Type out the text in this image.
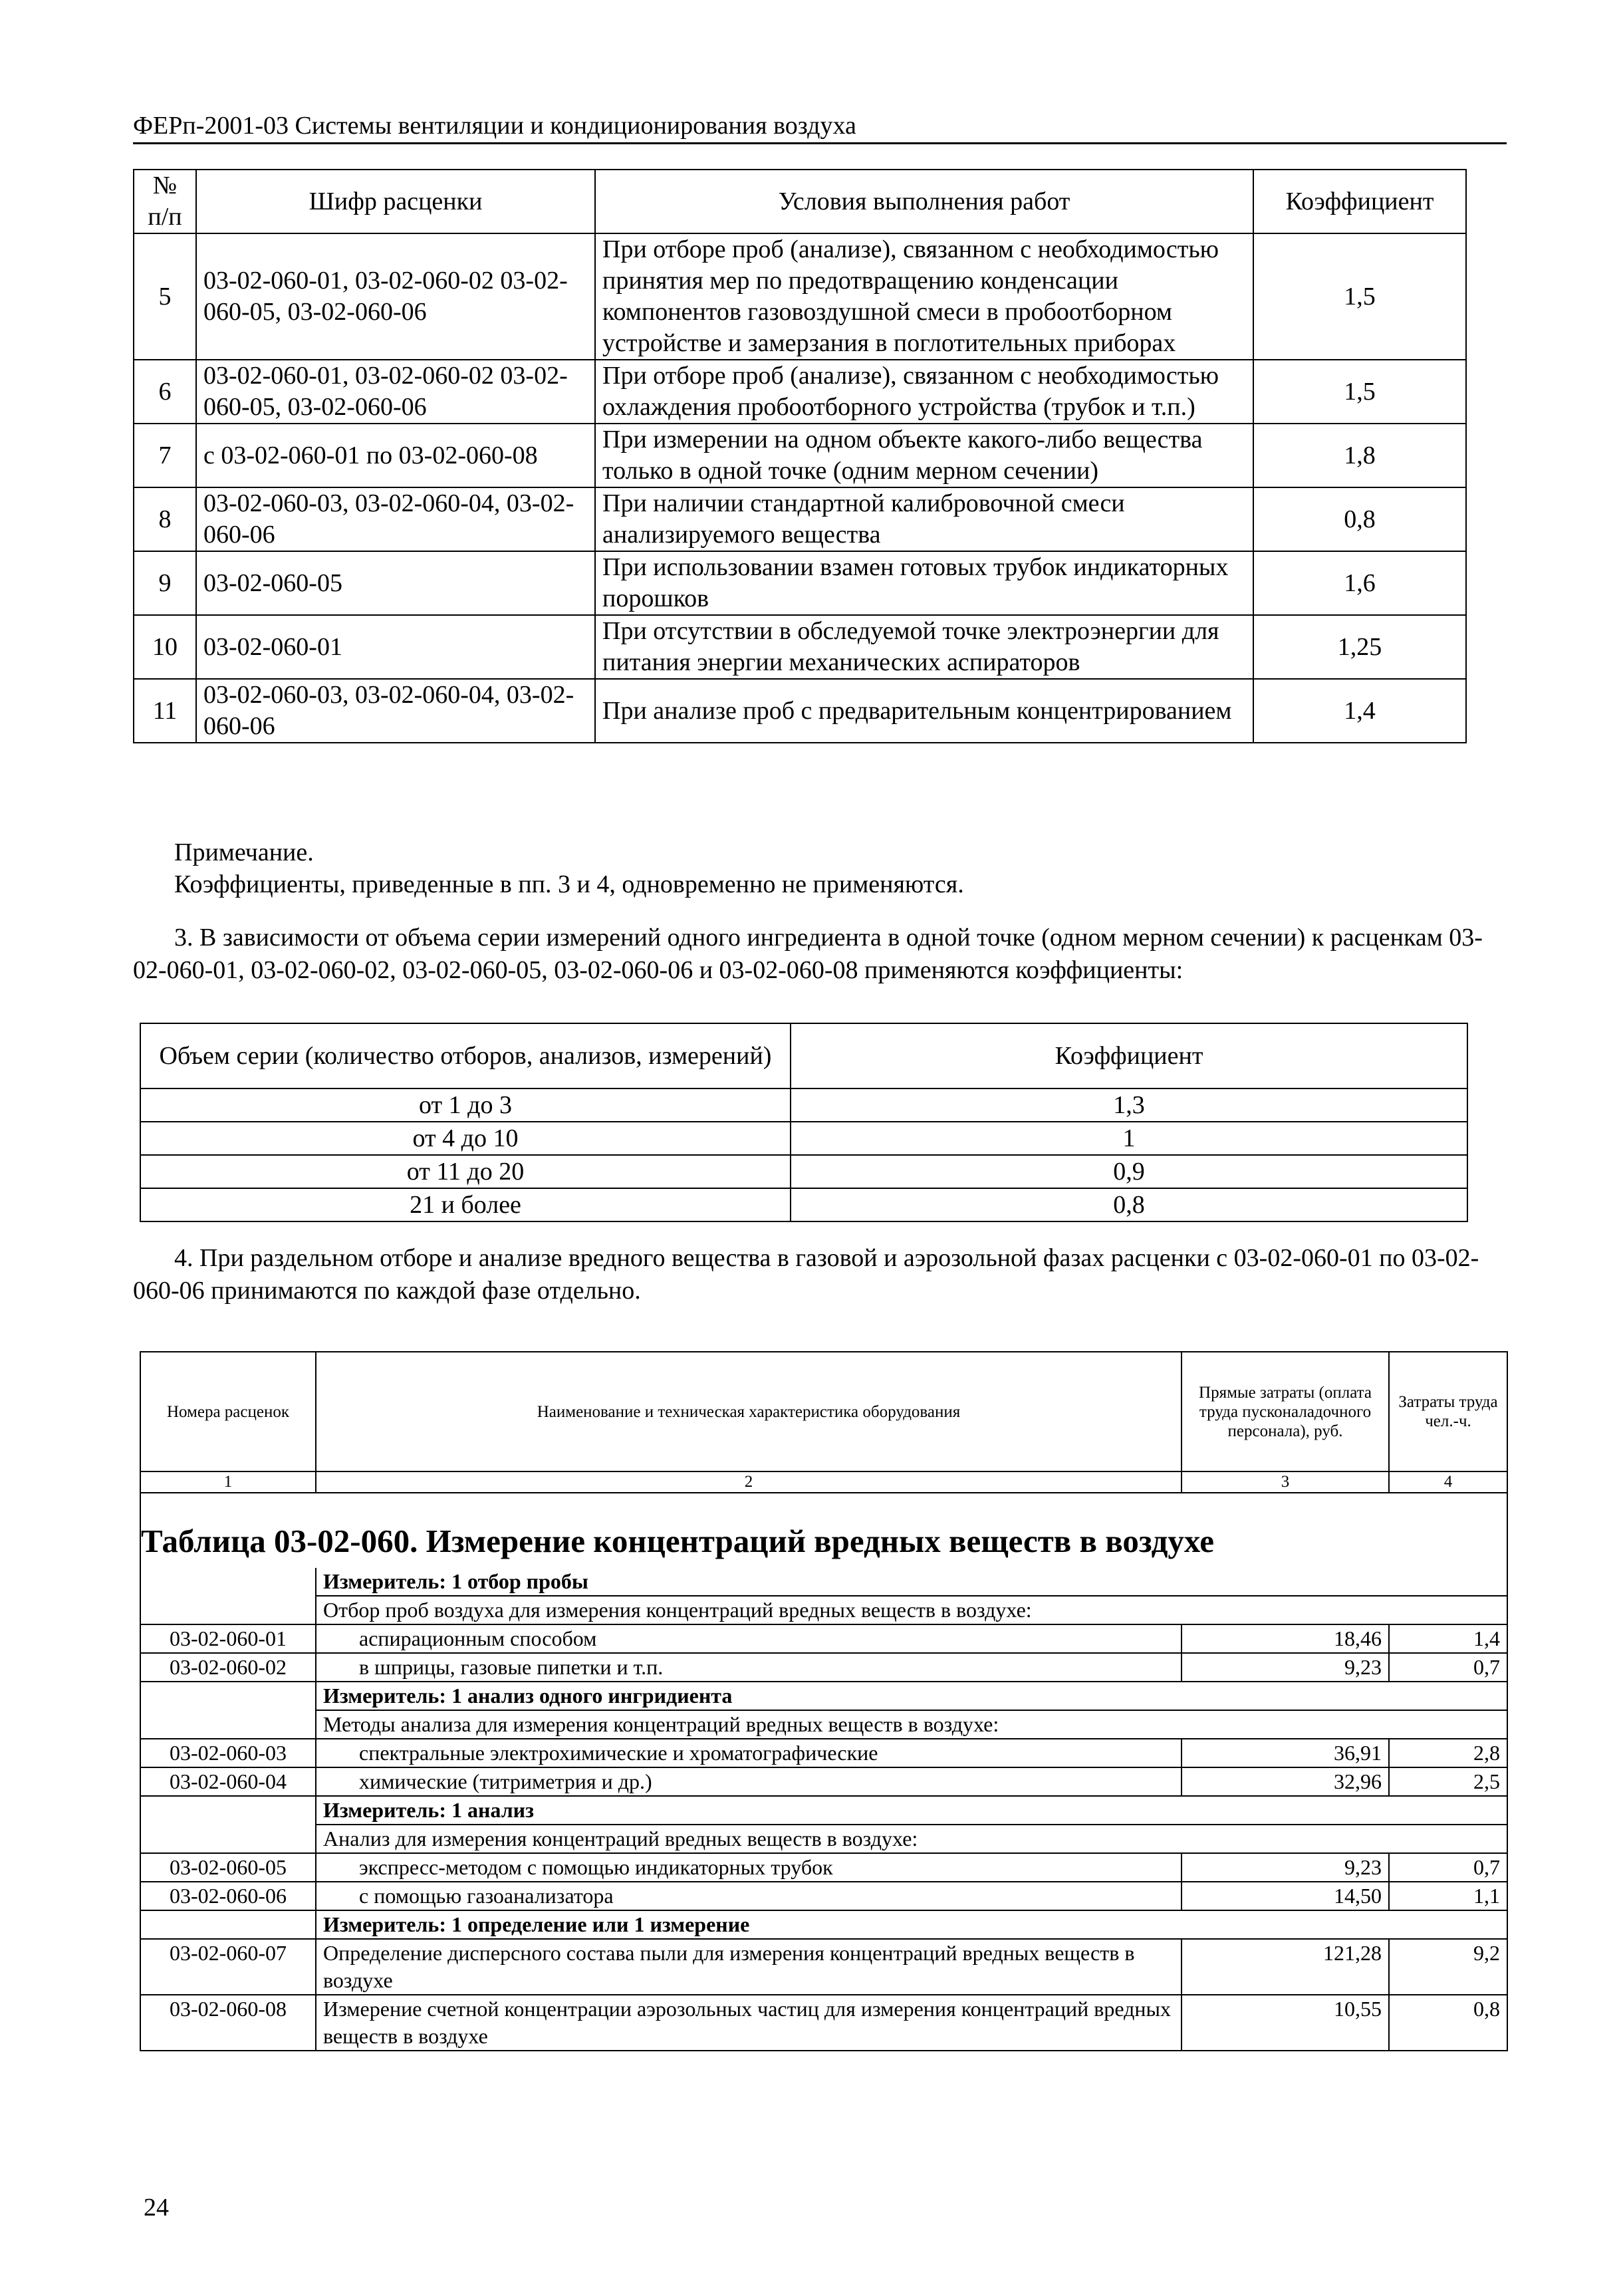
ФЕРп-2001-03 Системы вентиляции и кондиционирования воздуха
№ п/п	Шифр расценки	Условия выполнения работ	Коэффициент
5	03-02-060-01, 03-02-060-02 03-02-060-05, 03-02-060-06	При отборе проб (анализе), связанном с необходимостью принятия мер по предотвращению конденсации компонентов газовоздушной смеси в пробоотборном устройстве и замерзания в поглотительных приборах	1,5
6	03-02-060-01, 03-02-060-02 03-02-060-05, 03-02-060-06	При отборе проб (анализе), связанном с необходимостью охлаждения пробоотборного устройства (трубок и т.п.)	1,5
7	с 03-02-060-01 по 03-02-060-08	При измерении на одном объекте какого-либо вещества только в одной точке (одним мерном сечении)	1,8
8	03-02-060-03, 03-02-060-04, 03-02-060-06	При наличии стандартной калибровочной смеси анализируемого вещества	0,8
9	03-02-060-05	При использовании взамен готовых трубок индикаторных порошков	1,6
10	03-02-060-01	При отсутствии в обследуемой точке электроэнергии для питания энергии механических аспираторов	1,25
11	03-02-060-03, 03-02-060-04, 03-02-060-06	При анализе проб с предварительным концентрированием	1,4
Примечание.
Коэффициенты, приведенные в пп. 3 и 4, одновременно не применяются.
3. В зависимости от объема серии измерений одного ингредиента в одной точке (одном мерном сечении) к расценкам 03-02-060-01, 03-02-060-02, 03-02-060-05, 03-02-060-06 и 03-02-060-08 применяются коэффициенты:
Объем серии (количество отборов, анализов, измерений)	Коэффициент
от 1 до 3	1,3
от 4 до 10	1
от 11 до 20	0,9
21 и более	0,8
4. При раздельном отборе и анализе вредного вещества в газовой и аэрозольной фазах расценки с 03-02-060-01 по 03-02-060-06 принимаются по каждой фазе отдельно.
Номера расценок	Наименование и техническая характеристика оборудования	Прямые затраты (оплата труда пусконаладочного персонала), руб.	Затраты труда чел.-ч.
1	2	3	4
Таблица 03-02-060. Измерение концентраций вредных веществ в воздухе			
	Измеритель: 1 отбор пробы		
	Отбор проб воздуха для измерения концентраций вредных веществ в воздухе:		
03-02-060-01	аспирационным способом	18,46	1,4
03-02-060-02	в шприцы, газовые пипетки и т.п.	9,23	0,7
	Измеритель: 1 анализ одного ингридиента		
	Методы анализа для измерения концентраций вредных веществ в воздухе:		
03-02-060-03	спектральные электрохимические и хроматографические	36,91	2,8
03-02-060-04	химические (титриметрия и др.)	32,96	2,5
	Измеритель: 1 анализ		
	Анализ для измерения концентраций вредных веществ в воздухе:		
03-02-060-05	экспресс-методом с помощью индикаторных трубок	9,23	0,7
03-02-060-06	с помощью газоанализатора	14,50	1,1
	Измеритель: 1 определение или 1 измерение		
03-02-060-07	Определение дисперсного состава пыли для измерения концентраций вредных веществ в воздухе	121,28	9,2
03-02-060-08	Измерение счетной концентрации аэрозольных частиц для измерения концентраций вредных веществ в воздухе	10,55	0,8
24
